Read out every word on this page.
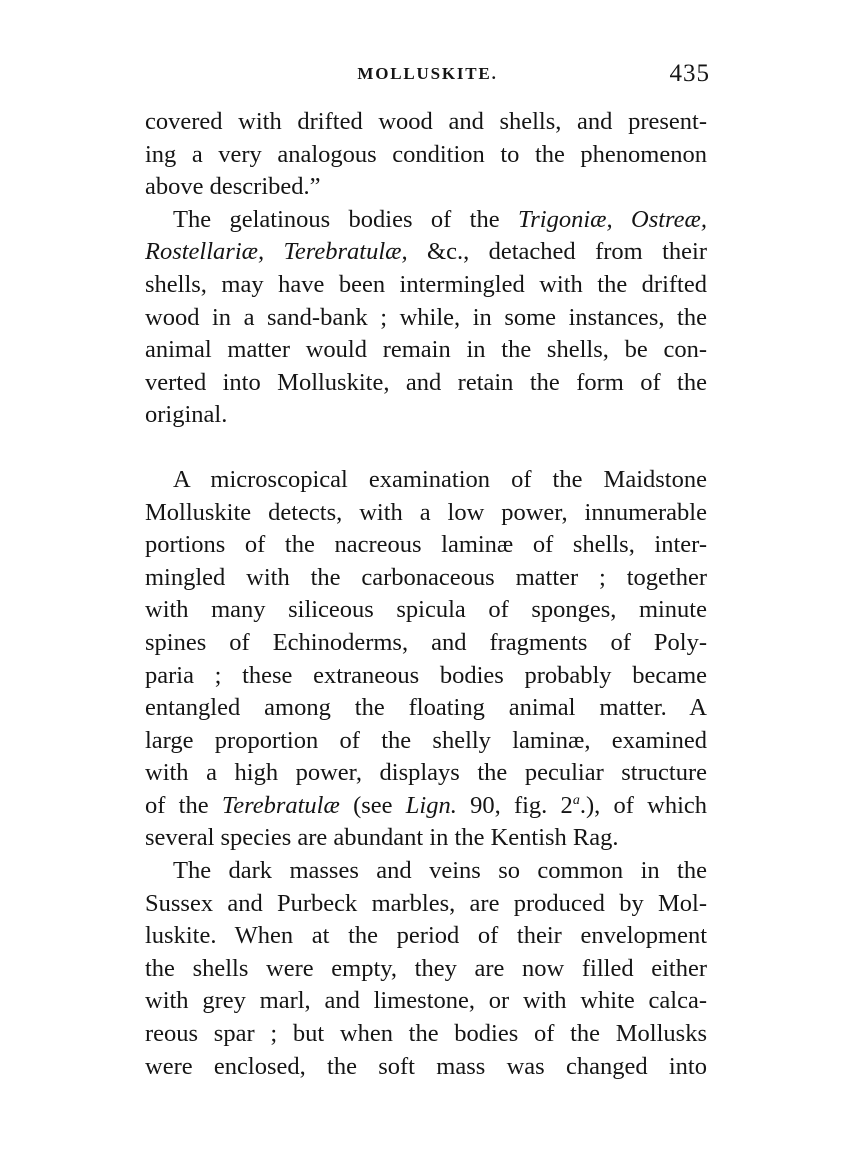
MOLLUSKITE.	435
covered with drifted wood and shells, and present-
ing a very analogous condition to the phenomenon
above described.”
The gelatinous bodies of the Trigoniæ, Ostreæ,
Rostellariæ, Terebratulæ, &c., detached from their
shells, may have been intermingled with the drifted
wood in a sand-bank ; while, in some instances, the
animal matter would remain in the shells, be con-
verted into Molluskite, and retain the form of the
original.
A microscopical examination of the Maidstone
Molluskite detects, with a low power, innumerable
portions of the nacreous laminæ of shells, inter-
mingled with the carbonaceous matter ; together
with many siliceous spicula of sponges, minute
spines of Echinoderms, and fragments of Poly-
paria ; these extraneous bodies probably became
entangled among the floating animal matter. A
large proportion of the shelly laminæ, examined
with a high power, displays the peculiar structure
of the Terebratulæ (see Lign. 90, fig. 2$^a$.), of which
several species are abundant in the Kentish Rag.
The dark masses and veins so common in the
Sussex and Purbeck marbles, are produced by Mol-
luskite. When at the period of their envelopment
the shells were empty, they are now filled either
with grey marl, and limestone, or with white calca-
reous spar ; but when the bodies of the Mollusks
were enclosed, the soft mass was changed into
